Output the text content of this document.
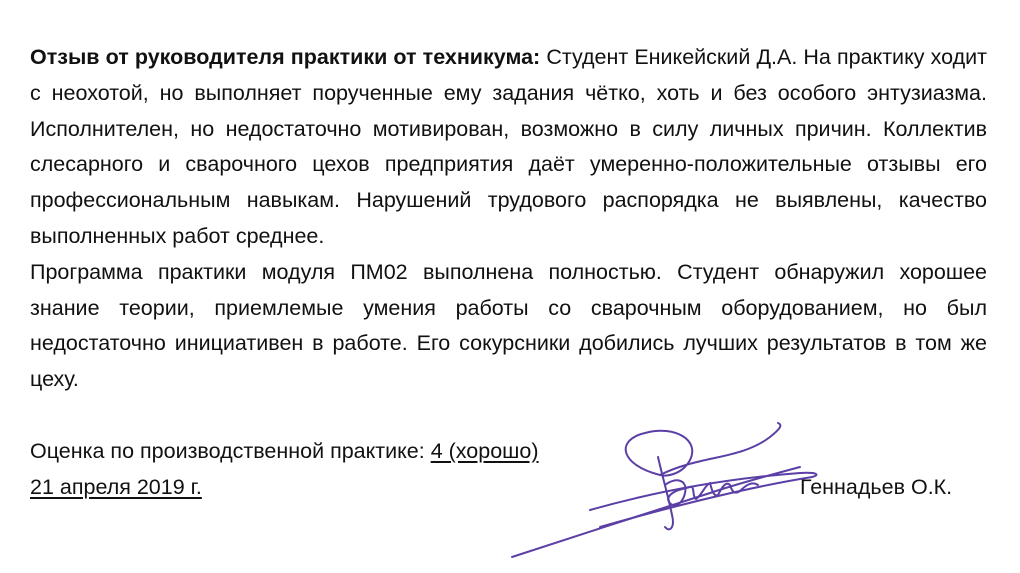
Отзыв от руководителя практики от техникума: Студент Еникейский Д.А. На практику ходит с неохотой, но выполняет порученные ему задания чётко, хоть и без особого энтузиазма. Исполнителен, но недостаточно мотивирован, возможно в силу личных причин. Коллектив слесарного и сварочного цехов предприятия даёт умеренно-положительные отзывы его профессиональным навыкам. Нарушений трудового распорядка не выявлены, качество выполненных работ среднее.

Программа практики модуля ПМ02 выполнена полностью. Студент обнаружил хорошее знание теории, приемлемые умения работы со сварочным оборудованием, но был недостаточно инициативен в работе. Его сокурсники добились лучших результатов в том же цеху.

Оценка по производственной практике: 4 (хорошо)
21 апреля 2019 г.	Геннадьев О.К.
